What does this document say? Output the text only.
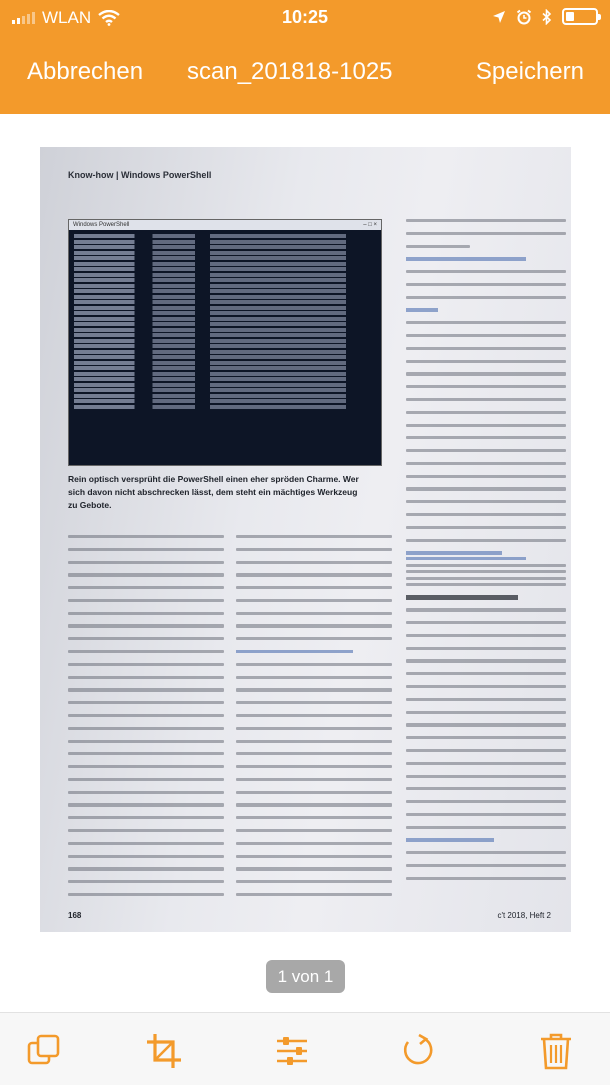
WLAN	10:25
Abbrechen scan_201818-1025	Speichern
Know-how | Windows PowerShell
Windows PowerShell	– □ ×
Rein optisch versprüht die PowerShell einen eher spröden Charme. Wer sich davon nicht abschrecken lässt, dem steht ein mächtiges Werkzeug zu Gebote.
168	c't 2018, Heft 2
1 von 1
